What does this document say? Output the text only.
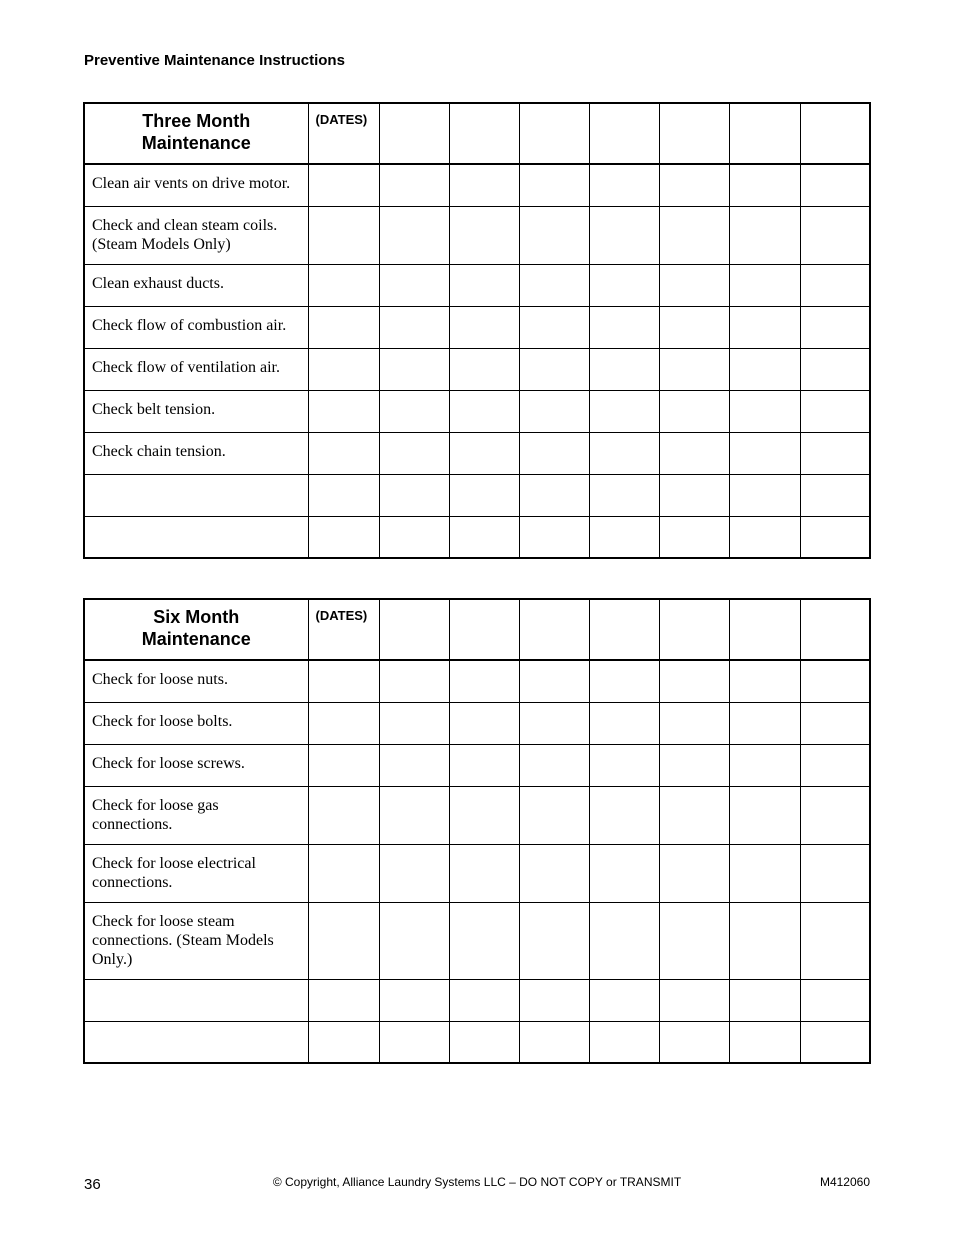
Preventive Maintenance Instructions
Three Month
Maintenance	(DATES)							
Clean air vents on drive motor.								
Check and clean steam coils. (Steam Models Only)								
Clean exhaust ducts.								
Check flow of combustion air.								
Check flow of ventilation air.								
Check belt tension.								
Check chain tension.								

Six Month
Maintenance	(DATES)							
Check for loose nuts.								
Check for loose bolts.								
Check for loose screws.								
Check for loose gas connections.								
Check for loose electrical connections.								
Check for loose steam connections. (Steam Models Only.)								

36	© Copyright, Alliance Laundry Systems LLC – DO NOT COPY or TRANSMIT	M412060
